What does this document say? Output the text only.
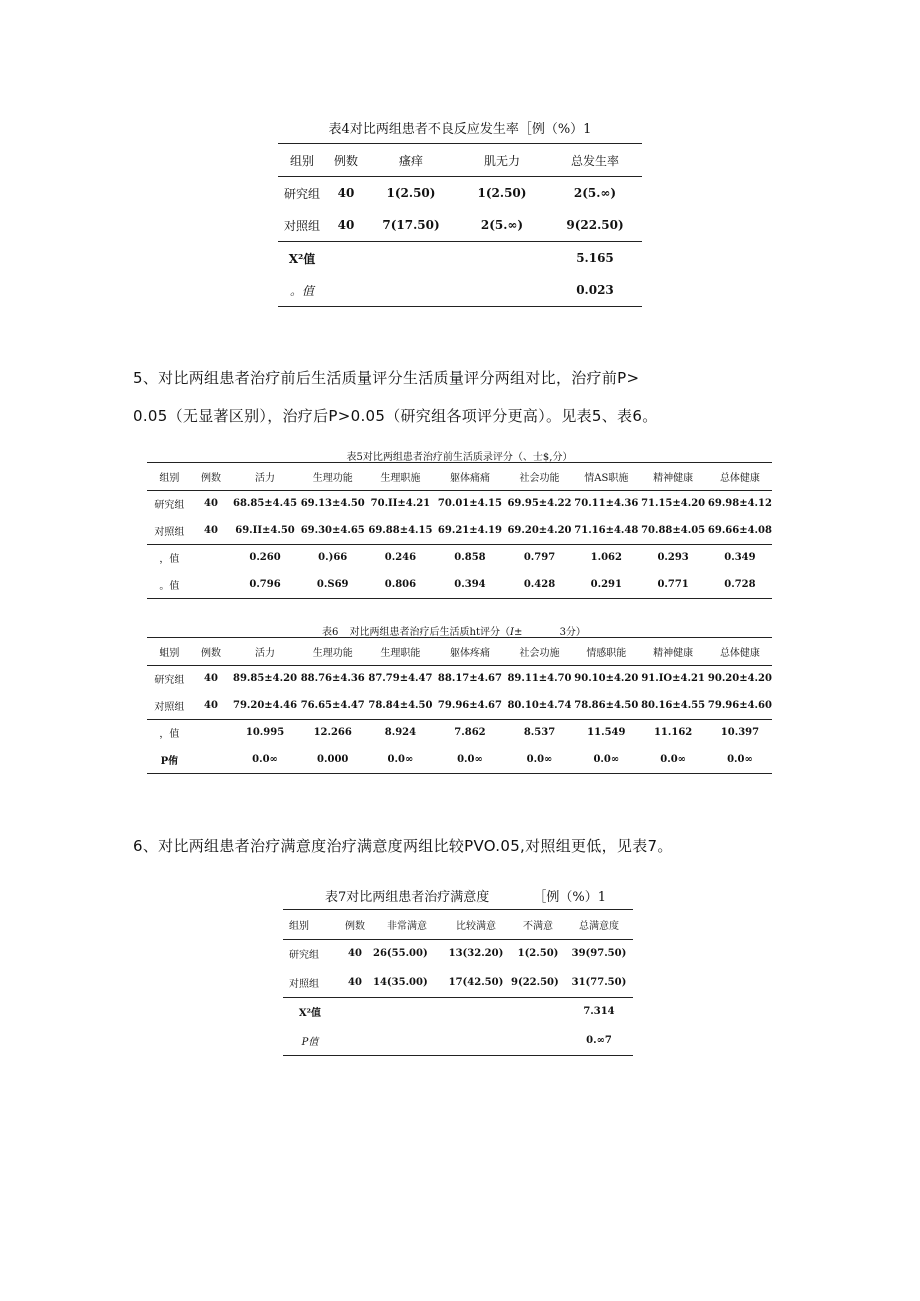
表4对比两组患者不良反应发生率［例（%）1
组别	例数	瘙痒	肌无力	总发生率
研究组	40	1(2.50)	1(2.50)	2(5.∞)
对照组	40	7(17.50)	2(5.∞)	9(22.50)
X²值				5.165
。值				0.023
5、对比两组患者治疗前后生活质量评分生活质量评分两组对比，治疗前P>
0.05（无显著区别），治疗后P>0.05（研究组各项评分更高）。见表5、表6。
表5对比两组患者治疗前生活质录评分（、士$,分）
组别	例数	活力	生理功能	生理职施	躯体痛痛	社会功能	情AS职施	精神健康	总体健康
研究组	40	68.85±4.45	69.13±4.50	70.II±4.21	70.01±4.15	69.95±4.22	70.11±4.36	71.15±4.20	69.98±4.12
对照组	40	69.II±4.50	69.30±4.65	69.88±4.15	69.21±4.19	69.20±4.20	71.16±4.48	70.88±4.05	69.66±4.08
，值		0.260	0.)66	0.246	0.858	0.797	1.062	0.293	0.349
。值		0.796	0.S69	0.806	0.394	0.428	0.291	0.771	0.728
表6 对比两组患者治疗后生活质ht评分（I±	3分）
蛆别	例数	活力	生理功能	生理职能	躯体疼痛	社会功施	情感职能	精神健康	总体健康
研究组	40	89.85±4.20	88.76±4.36	87.79±4.47	88.17±4.67	89.11±4.70	90.10±4.20	91.IO±4.21	90.20±4.20
对照组	40	79.20±4.46	76.65±4.47	78.84±4.50	79.96±4.67	80.10±4.74	78.86±4.50	80.16±4.55	79.96±4.60
，值		10.995	12.266	8.924	7.862	8.537	11.549	11.162	10.397
P侑		0.0∞	0.000	0.0∞	0.0∞	0.0∞	0.0∞	0.0∞	0.0∞
6、对比两组患者治疗满意度治疗满意度两组比较PVO.05,对照组更低，见表7。
表7对比两组患者治疗满意度	［例（%）1
组别	例数	非常满意	比较满意	不满意	总满意度
研究组	40	26(55.00)	13(32.20)	1(2.50)	39(97.50)
对照组	40	14(35.00)	17(42.50)	9(22.50)	31(77.50)
X²值					7.314
P值					0.∞7
